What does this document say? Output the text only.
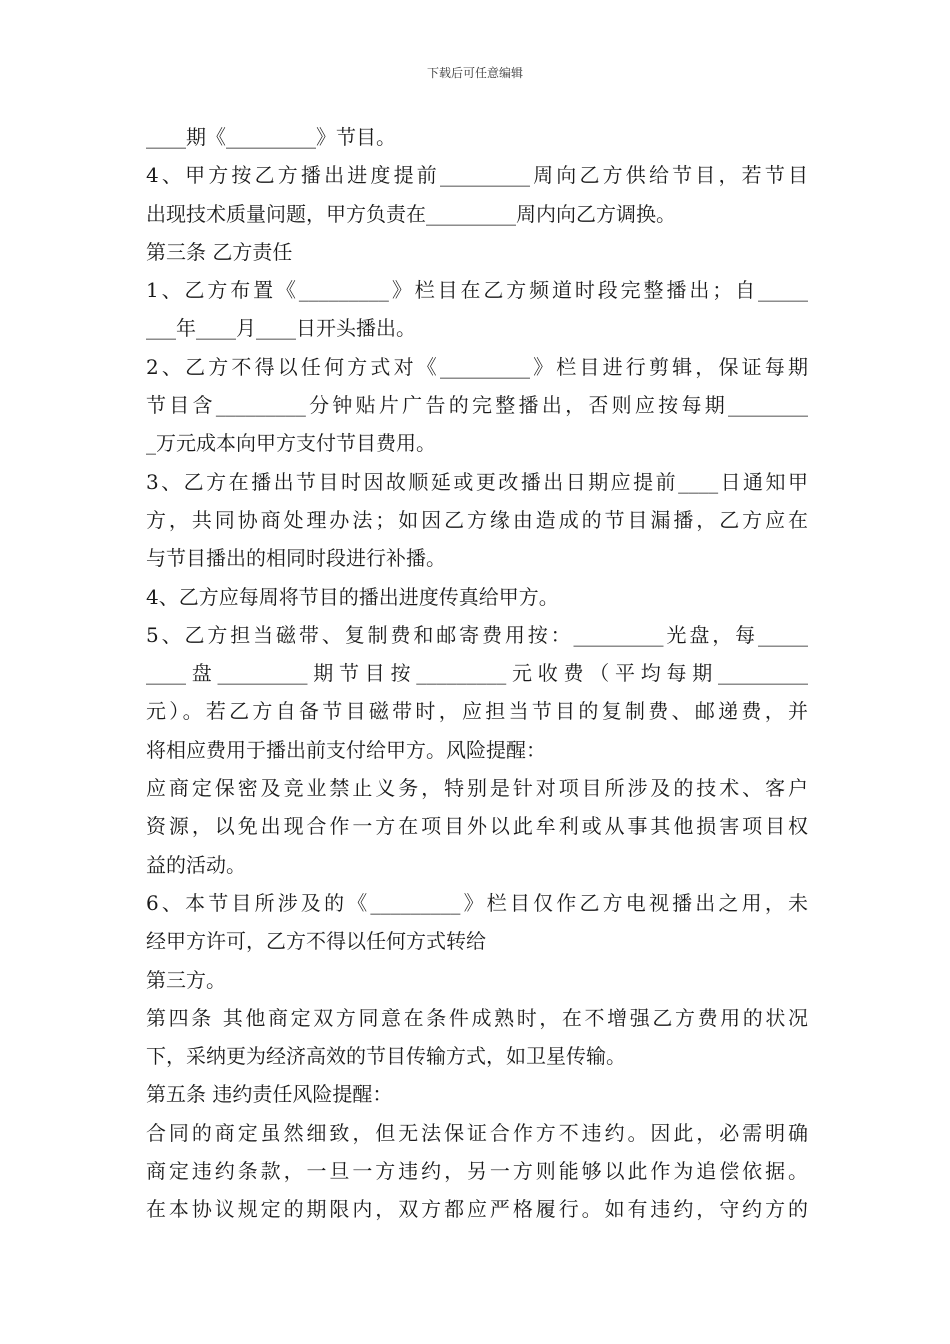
下载后可任意编辑
____期《_________》节目。
4、甲方按乙方播出进度提前_________周向乙方供给节目，若节目
出现技术质量问题，甲方负责在_________周内向乙方调换。
第三条 乙方责任
1、乙方布置《_________》栏目在乙方频道时段完整播出；自_____
___年____月____日开头播出。
2、乙方不得以任何方式对《_________》栏目进行剪辑，保证每期
节目含_________分钟贴片广告的完整播出，否则应按每期________
_万元成本向甲方支付节目费用。
3、乙方在播出节目时因故顺延或更改播出日期应提前____日通知甲
方，共同协商处理办法；如因乙方缘由造成的节目漏播，乙方应在
与节目播出的相同时段进行补播。
4、乙方应每周将节目的播出进度传真给甲方。
5、乙方担当磁带、复制费和邮寄费用按：_________光盘，每_____
____盘_________期节目按_________元收费（平均每期_________
元）。若乙方自备节目磁带时，应担当节目的复制费、邮递费，并
将相应费用于播出前支付给甲方。风险提醒：
应商定保密及竞业禁止义务，特别是针对项目所涉及的技术、客户
资源，以免出现合作一方在项目外以此牟利或从事其他损害项目权
益的活动。
6、本节目所涉及的《_________》栏目仅作乙方电视播出之用，未
经甲方许可，乙方不得以任何方式转给
第三方。
第四条 其他商定双方同意在条件成熟时，在不增强乙方费用的状况
下，采纳更为经济高效的节目传输方式，如卫星传输。
第五条 违约责任风险提醒：
合同的商定虽然细致，但无法保证合作方不违约。因此，必需明确
商定违约条款，一旦一方违约，另一方则能够以此作为追偿依据。
在本协议规定的期限内，双方都应严格履行。如有违约，守约方的
